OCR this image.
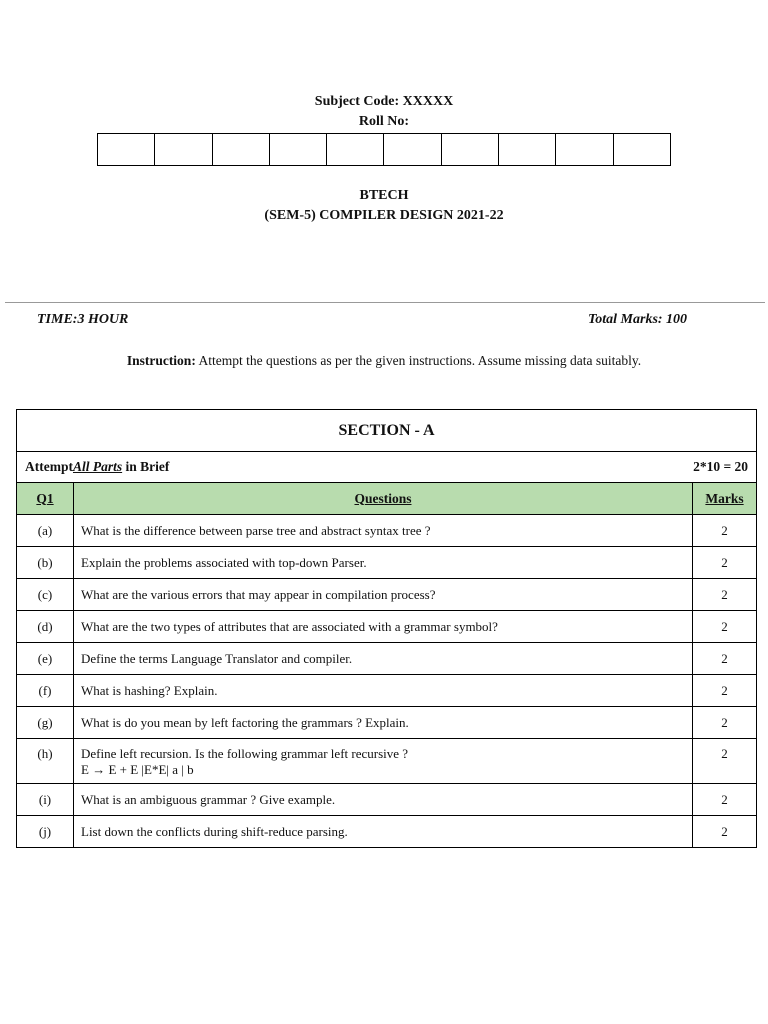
Subject Code: XXXXX
Roll No:
BTECH
(SEM-5) COMPILER DESIGN 2021-22
TIME:3 HOUR	Total Marks: 100
Instruction: Attempt the questions as per the given instructions. Assume missing data suitably.
SECTION - A		

AttemptAll Parts in Brief 2*10 = 20		

Q1	Questions	Marks
(a)	What is the difference between parse tree and abstract syntax tree ?	2
(b)	Explain the problems associated with top-down Parser.	2
(c)	What are the various errors that may appear in compilation process?	2
(d)	What are the two types of attributes that are associated with a grammar symbol?	2
(e)	Define the terms Language Translator and compiler.	2
(f)	What is hashing? Explain.	2
(g)	What is do you mean by left factoring the grammars ? Explain.	2
(h)	Define left recursion. Is the following grammar left recursive ?
E → E + E |E*E| a | b	2
(i)	What is an ambiguous grammar ? Give example.	2
(j)	List down the conflicts during shift-reduce parsing.	2
